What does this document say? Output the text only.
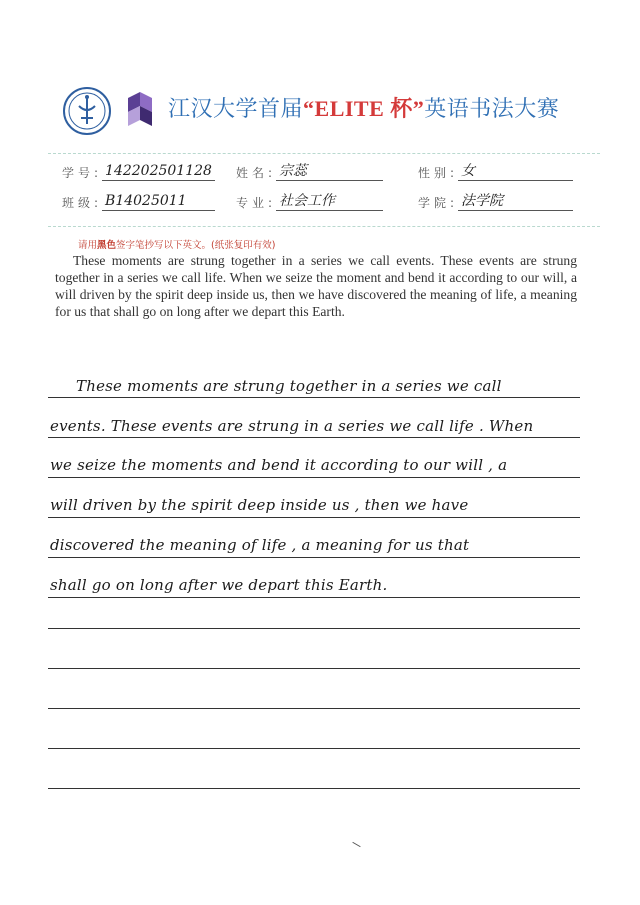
江汉大学首届“ELITE 杯”英语书法大赛
学号: 142202501128 姓名: 宗蕊	性别: 女
班级: B14025011	专业: 社会工作	学院: 法学院
请用黑色签字笔抄写以下英文。(纸张复印有效)

These moments are strung together in a series we call events. These events are strung together in a series we call life. When we seize the moment and bend it according to our will, a will driven by the spirit deep inside us, then we have discovered the meaning of life, a meaning for us that shall go on long after we depart this Earth.

These moments are strung together in a series we call
events. These events are strung in a series we call life . When
we seize the moments and bend it according to our will , a
will driven by the spirit deep inside us , then we have
discovered the meaning of life , a meaning for us that
shall go on long after we depart this Earth.
